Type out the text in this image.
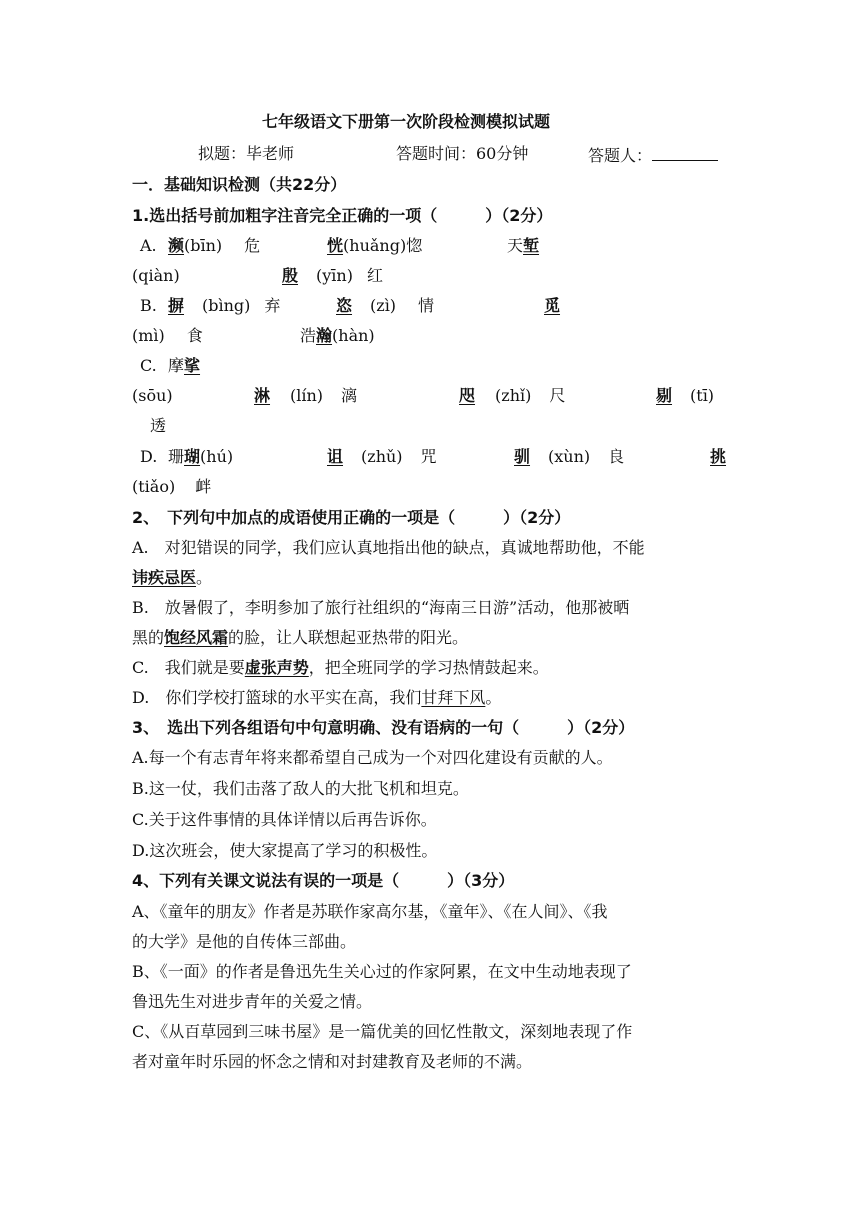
七年级语文下册第一次阶段检测模拟试题
拟题：毕老师	答题时间：60分钟	答题人：
一．基础知识检测（共22分）
1.选出括号前加粗字注音完全正确的一项（　　　）（2分）
A. 濒(bīn) 危	恍(huǎng)惚	天堑
(qiàn)	殷 (yīn) 红
B. 摒 (bìng) 弃	恣 (zì) 情	觅
(mì) 食	浩瀚(hàn)
C. 摩挲
(sōu)	淋 (lín) 漓	咫 (zhǐ) 尺	剔 (tī)
透
D. 珊瑚(hú)	诅 (zhǔ) 咒	驯 (xùn) 良	挑
(tiǎo) 衅
2、　下列句中加点的成语使用正确的一项是（　　　）（2分）
A.　对犯错误的同学，我们应认真地指出他的缺点，真诚地帮助他，不能
讳疾忌医。
B.　放暑假了，李明参加了旅行社组织的“海南三日游”活动，他那被晒
黑的饱经风霜的脸，让人联想起亚热带的阳光。
C.　我们就是要虚张声势，把全班同学的学习热情鼓起来。
D.　你们学校打篮球的水平实在高，我们甘拜下风。
3、　选出下列各组语句中句意明确、没有语病的一句（　　　）（2分）
A.每一个有志青年将来都希望自己成为一个对四化建设有贡献的人。
B.这一仗，我们击落了敌人的大批飞机和坦克。
C.关于这件事情的具体详情以后再告诉你。
D.这次班会，使大家提高了学习的积极性。
4、下列有关课文说法有误的一项是（　　　）（3分）
A、《童年的朋友》作者是苏联作家高尔基，《童年》、《在人间》、《我
的大学》是他的自传体三部曲。
B、《一面》的作者是鲁迅先生关心过的作家阿累，在文中生动地表现了
鲁迅先生对进步青年的关爱之情。
C、《从百草园到三味书屋》是一篇优美的回忆性散文，深刻地表现了作
者对童年时乐园的怀念之情和对封建教育及老师的不满。
